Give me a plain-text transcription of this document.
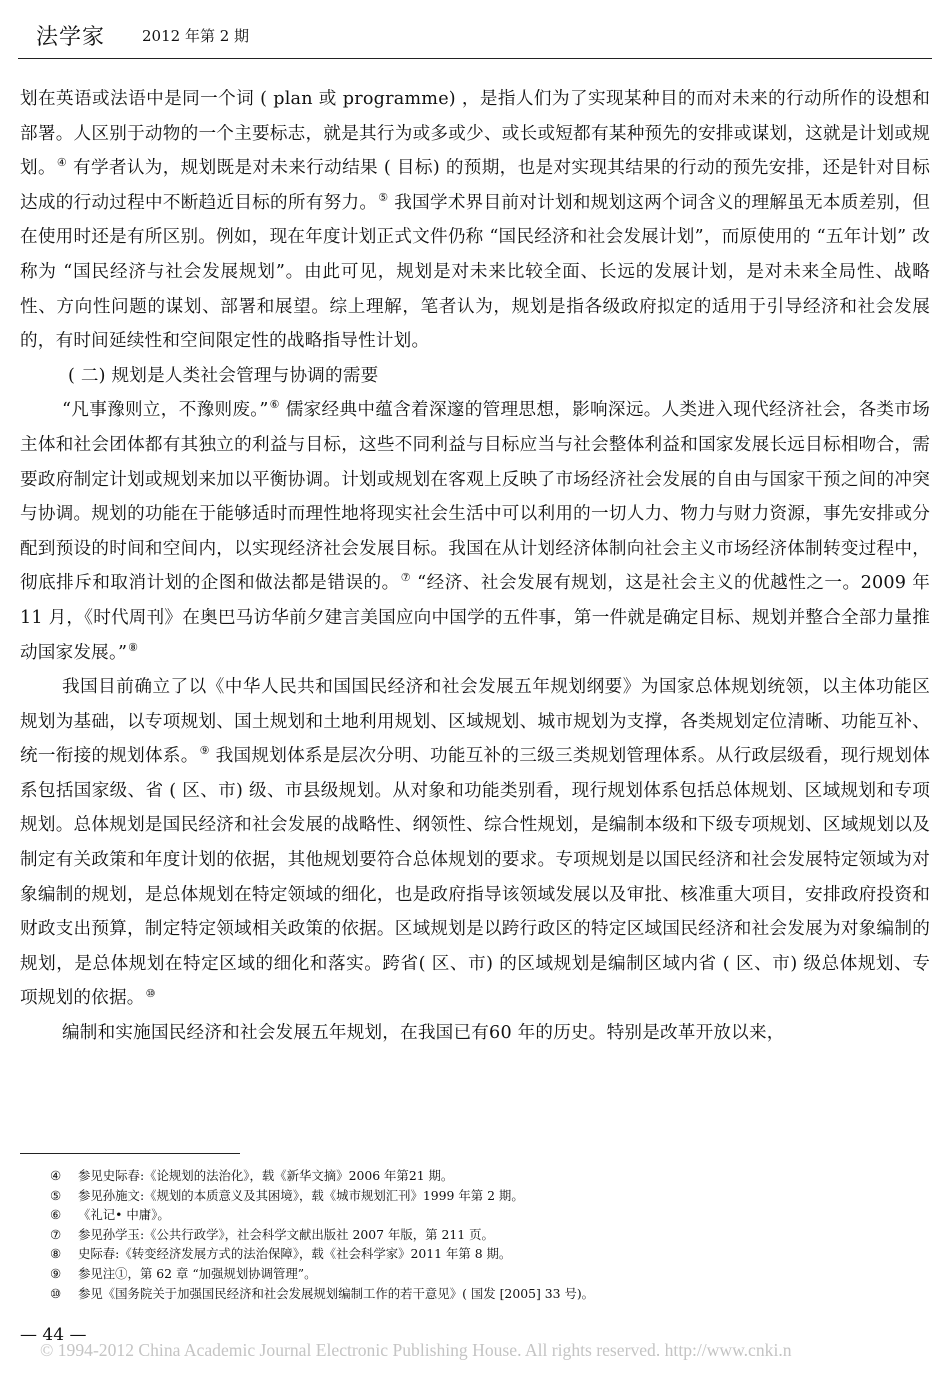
法学家 2012 年第 2 期

划在英语或法语中是同一个词 ( plan 或 programme) ，是指人们为了实现某种目的而对未来的行动所作的设想和部署。人区别于动物的一个主要标志，就是其行为或多或少、或长或短都有某种预先的安排或谋划，这就是计划或规划。④ 有学者认为，规划既是对未来行动结果 ( 目标) 的预期，也是对实现其结果的行动的预先安排，还是针对目标达成的行动过程中不断趋近目标的所有努力。⑤ 我国学术界目前对计划和规划这两个词含义的理解虽无本质差别，但在使用时还是有所区别。例如，现在年度计划正式文件仍称 “国民经济和社会发展计划”，而原使用的 “五年计划” 改称为 “国民经济与社会发展规划”。由此可见，规划是对未来比较全面、长远的发展计划，是对未来全局性、战略性、方向性问题的谋划、部署和展望。综上理解，笔者认为，规划是指各级政府拟定的适用于引导经济和社会发展的，有时间延续性和空间限定性的战略指导性计划。

( 二) 规划是人类社会管理与协调的需要

“凡事豫则立，不豫则废。”⑥ 儒家经典中蕴含着深邃的管理思想，影响深远。人类进入现代经济社会，各类市场主体和社会团体都有其独立的利益与目标，这些不同利益与目标应当与社会整体利益和国家发展长远目标相吻合，需要政府制定计划或规划来加以平衡协调。计划或规划在客观上反映了市场经济社会发展的自由与国家干预之间的冲突与协调。规划的功能在于能够适时而理性地将现实社会生活中可以利用的一切人力、物力与财力资源，事先安排或分配到预设的时间和空间内，以实现经济社会发展目标。我国在从计划经济体制向社会主义市场经济体制转变过程中，彻底排斥和取消计划的企图和做法都是错误的。⑦ “经济、社会发展有规划，这是社会主义的优越性之一。2009 年 11 月，《时代周刊》在奥巴马访华前夕建言美国应向中国学的五件事，第一件就是确定目标、规划并整合全部力量推动国家发展。”⑧

我国目前确立了以《中华人民共和国国民经济和社会发展五年规划纲要》为国家总体规划统领，以主体功能区规划为基础，以专项规划、国土规划和土地利用规划、区域规划、城市规划为支撑，各类规划定位清晰、功能互补、统一衔接的规划体系。⑨ 我国规划体系是层次分明、功能互补的三级三类规划管理体系。从行政层级看，现行规划体系包括国家级、省 ( 区、市) 级、市县级规划。从对象和功能类别看，现行规划体系包括总体规划、区域规划和专项规划。总体规划是国民经济和社会发展的战略性、纲领性、综合性规划，是编制本级和下级专项规划、区域规划以及制定有关政策和年度计划的依据，其他规划要符合总体规划的要求。专项规划是以国民经济和社会发展特定领域为对象编制的规划，是总体规划在特定领域的细化，也是政府指导该领域发展以及审批、核准重大项目，安排政府投资和财政支出预算，制定特定领域相关政策的依据。区域规划是以跨行政区的特定区域国民经济和社会发展为对象编制的规划，是总体规划在特定区域的细化和落实。跨省( 区、市) 的区域规划是编制区域内省 ( 区、市) 级总体规划、专项规划的依据。⑩

编制和实施国民经济和社会发展五年规划，在我国已有60 年的历史。特别是改革开放以来，

④ 参见史际春:《论规划的法治化》，载《新华文摘》2006 年第21 期。
⑤ 参见孙施文:《规划的本质意义及其困境》，载《城市规划汇刊》1999 年第 2 期。
⑥ 《礼记• 中庸》。
⑦ 参见孙学玉:《公共行政学》，社会科学文献出版社 2007 年版，第 211 页。
⑧ 史际春:《转变经济发展方式的法治保障》，载《社会科学家》2011 年第 8 期。
⑨ 参见注①，第 62 章 “加强规划协调管理”。
⑩ 参见《国务院关于加强国民经济和社会发展规划编制工作的若干意见》( 国发 [2005] 33 号)。
— 44 —
© 1994-2012 China Academic Journal Electronic Publishing House. All rights reserved. http://www.cnki.n
